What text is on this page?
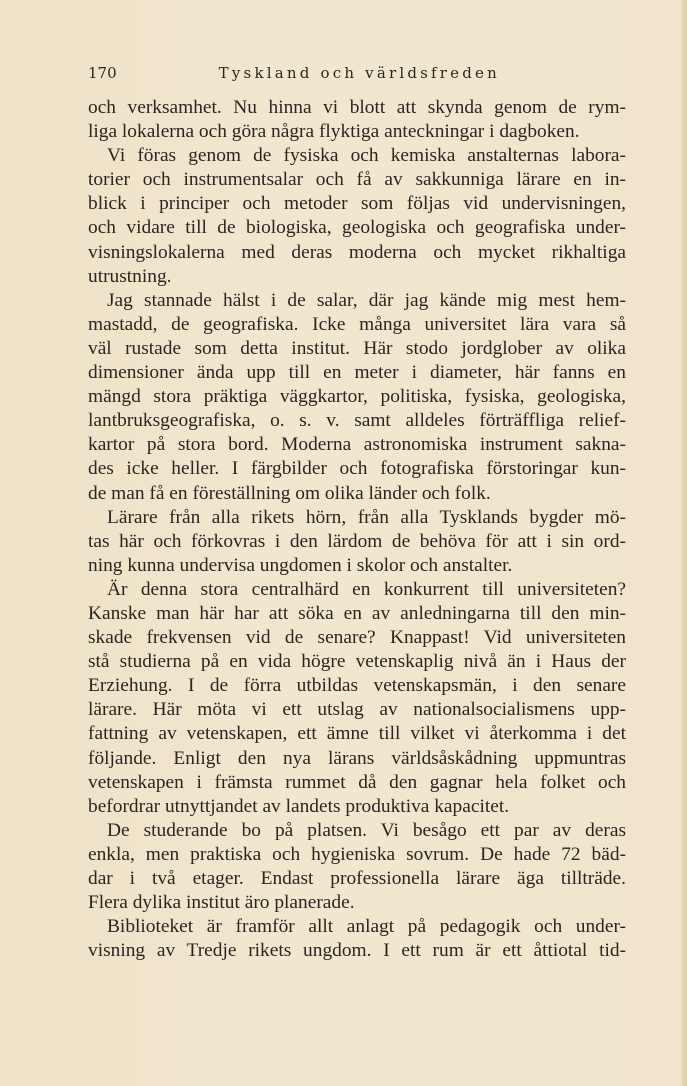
170	Tyskland och världsfreden
och verksamhet. Nu hinna vi blott att skynda genom de rym-
liga lokalerna och göra några flyktiga anteckningar i dagboken.
Vi föras genom de fysiska och kemiska anstalternas labora-
torier och instrumentsalar och få av sakkunniga lärare en in-
blick i principer och metoder som följas vid undervisningen,
och vidare till de biologiska, geologiska och geografiska under-
visningslokalerna med deras moderna och mycket rikhaltiga
utrustning.
Jag stannade hälst i de salar, där jag kände mig mest hem-
mastadd, de geografiska. Icke många universitet lära vara så
väl rustade som detta institut. Här stodo jordglober av olika
dimensioner ända upp till en meter i diameter, här fanns en
mängd stora präktiga väggkartor, politiska, fysiska, geologiska,
lantbruksgeografiska, o. s. v. samt alldeles förträffliga relief-
kartor på stora bord. Moderna astronomiska instrument sakna-
des icke heller. I färgbilder och fotografiska förstoringar kun-
de man få en föreställning om olika länder och folk.
Lärare från alla rikets hörn, från alla Tysklands bygder mö-
tas här och förkovras i den lärdom de behöva för att i sin ord-
ning kunna undervisa ungdomen i skolor och anstalter.
Är denna stora centralhärd en konkurrent till universiteten?
Kanske man här har att söka en av anledningarna till den min-
skade frekvensen vid de senare? Knappast! Vid universiteten
stå studierna på en vida högre vetenskaplig nivå än i Haus der
Erziehung. I de förra utbildas vetenskapsmän, i den senare
lärare. Här möta vi ett utslag av nationalsocialismens upp-
fattning av vetenskapen, ett ämne till vilket vi återkomma i det
följande. Enligt den nya lärans världsåskådning uppmuntras
vetenskapen i främsta rummet då den gagnar hela folket och
befordrar utnyttjandet av landets produktiva kapacitet.
De studerande bo på platsen. Vi besågo ett par av deras
enkla, men praktiska och hygieniska sovrum. De hade 72 bäd-
dar i två etager. Endast professionella lärare äga tillträde.
Flera dylika institut äro planerade.
Biblioteket är framför allt anlagt på pedagogik och under-
visning av Tredje rikets ungdom. I ett rum är ett åttiotal tid-
